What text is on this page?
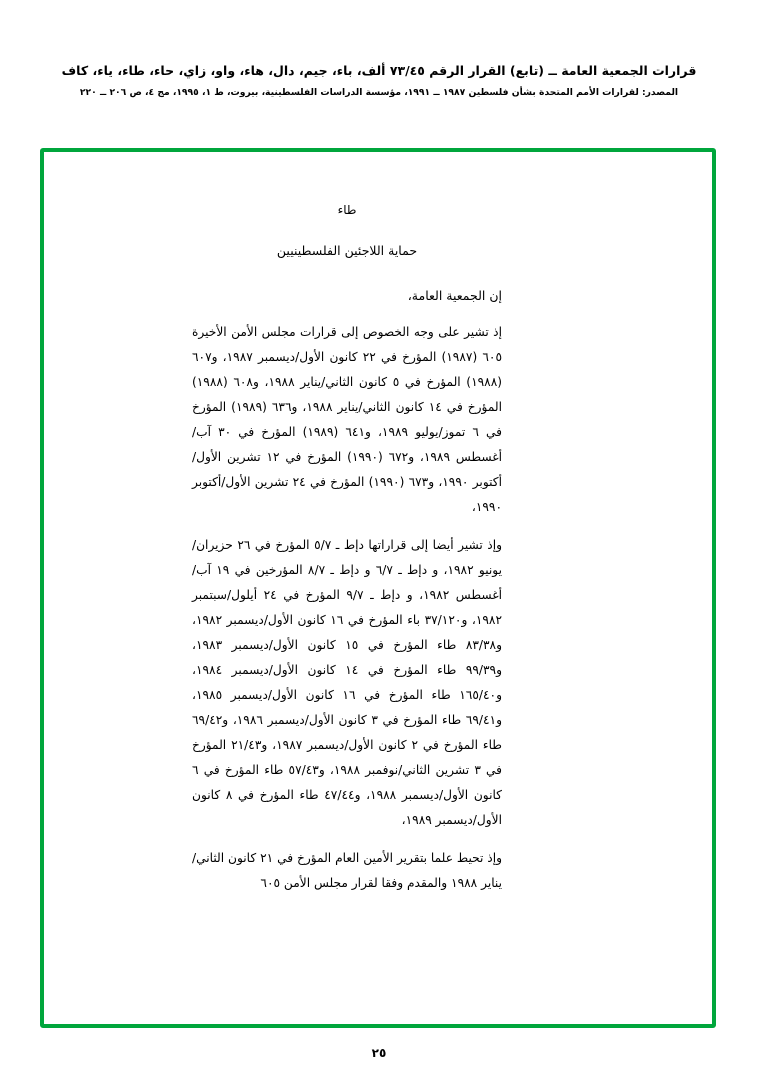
قرارات الجمعية العامة ــ (تابع) القرار الرقم ٧٣/٤٥ ألف، باء، جيم، دال، هاء، واو، زاي، حاء، طاء، ياء، كاف
المصدر: لقرارات الأمم المتحدة بشأن فلسطين ١٩٨٧ ــ ١٩٩١، مؤسسة الدراسات الفلسطينية، بيروت، ط ١، ١٩٩٥، مج ٤، ص ٢٠٦ ــ ٢٢٠
طاء
حماية اللاجئين الفلسطينيين
إن الجمعية العامة،

إذ تشير على وجه الخصوص إلى قرارات مجلس الأمن الأخيرة ٦٠٥ (١٩٨٧) المؤرخ في ٢٢ كانون الأول/ديسمبر ١٩٨٧، و٦٠٧ (١٩٨٨) المؤرخ في ٥ كانون الثاني/يناير ١٩٨٨، و٦٠٨ (١٩٨٨) المؤرخ في ١٤ كانون الثاني/يناير ١٩٨٨، و٦٣٦ (١٩٨٩) المؤرخ في ٦ تموز/يوليو ١٩٨٩، و٦٤١ (١٩٨٩) المؤرخ في ٣٠ آب/أغسطس ١٩٨٩، و٦٧٢ (١٩٩٠) المؤرخ في ١٢ تشرين الأول/أكتوبر ١٩٩٠، و٦٧٣ (١٩٩٠) المؤرخ في ٢٤ تشرين الأول/أكتوبر ١٩٩٠،

وإذ تشير أيضا إلى قراراتها دإط ـ ٥/٧ المؤرخ في ٢٦ حزيران/يونيو ١٩٨٢، و دإط ـ ٦/٧ و دإط ـ ٨/٧ المؤرخين في ١٩ آب/أغسطس ١٩٨٢، و دإط ـ ٩/٧ المؤرخ في ٢٤ أيلول/سبتمبر ١٩٨٢، و٣٧/١٢٠ باء المؤرخ في ١٦ كانون الأول/ديسمبر ١٩٨٢، و٨٣/٣٨ طاء المؤرخ في ١٥ كانون الأول/ديسمبر ١٩٨٣، و٩٩/٣٩ طاء المؤرخ في ١٤ كانون الأول/ديسمبر ١٩٨٤، و١٦٥/٤٠ طاء المؤرخ في ١٦ كانون الأول/ديسمبر ١٩٨٥، و٦٩/٤١ طاء المؤرخ في ٣ كانون الأول/ديسمبر ١٩٨٦، و٦٩/٤٢ طاء المؤرخ في ٢ كانون الأول/ديسمبر ١٩٨٧، و٢١/٤٣ المؤرخ في ٣ تشرين الثاني/نوفمبر ١٩٨٨، و٥٧/٤٣ طاء المؤرخ في ٦ كانون الأول/ديسمبر ١٩٨٨، و٤٧/٤٤ طاء المؤرخ في ٨ كانون الأول/ديسمبر ١٩٨٩،

وإذ تحيط علما بتقرير الأمين العام المؤرخ في ٢١ كانون الثاني/يناير ١٩٨٨ والمقدم وفقا لقرار مجلس الأمن ٦٠٥

٢٥
